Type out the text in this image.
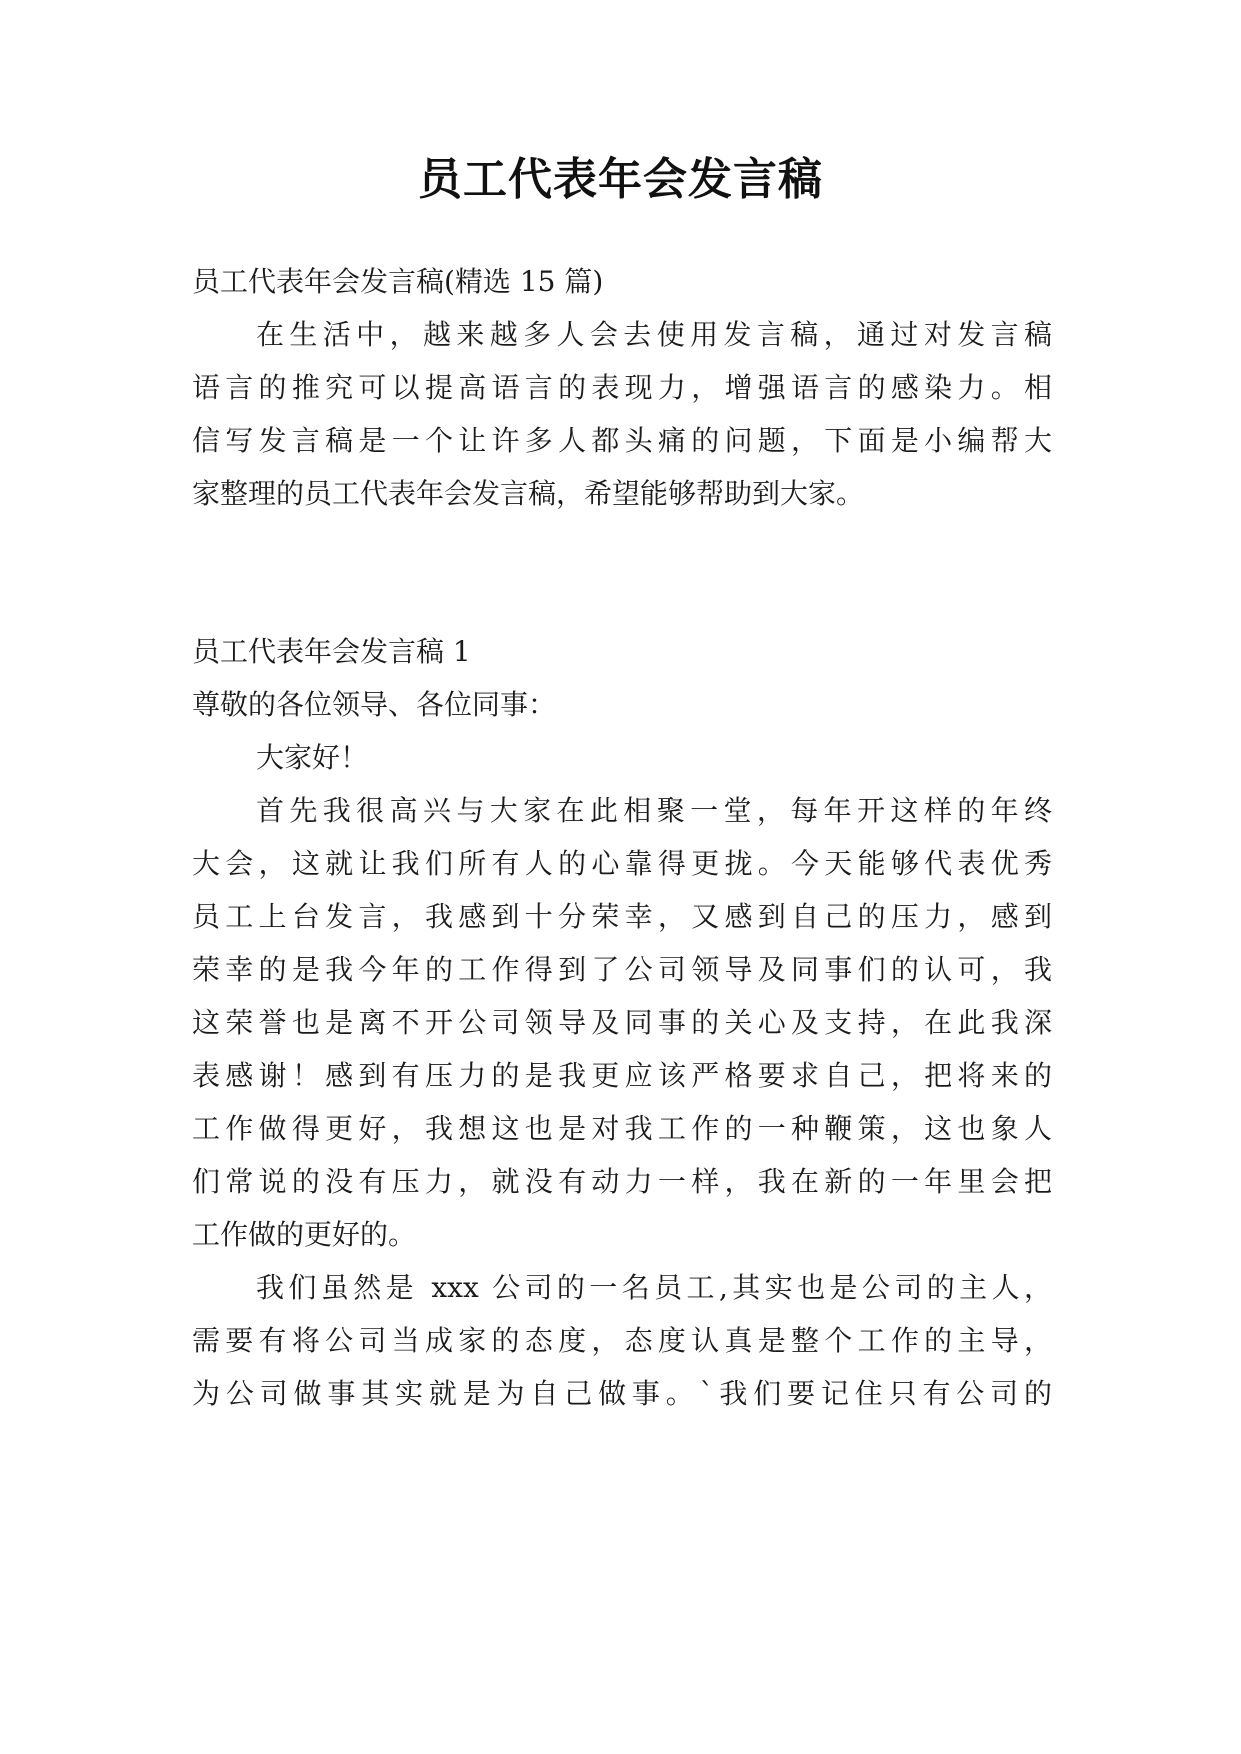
员工代表年会发言稿
员工代表年会发言稿(精选 15 篇)
在生活中，越来越多人会去使用发言稿，通过对发言稿
语言的推究可以提高语言的表现力，增强语言的感染力。相
信写发言稿是一个让许多人都头痛的问题，下面是小编帮大
家整理的员工代表年会发言稿，希望能够帮助到大家。
员工代表年会发言稿 1
尊敬的各位领导、各位同事：
大家好！
首先我很高兴与大家在此相聚一堂，每年开这样的年终
大会，这就让我们所有人的心靠得更拢。今天能够代表优秀
员工上台发言，我感到十分荣幸，又感到自己的压力，感到
荣幸的是我今年的工作得到了公司领导及同事们的认可，我
这荣誉也是离不开公司领导及同事的关心及支持，在此我深
表感谢！感到有压力的是我更应该严格要求自己，把将来的
工作做得更好，我想这也是对我工作的一种鞭策，这也象人
们常说的没有压力，就没有动力一样，我在新的一年里会把
工作做的更好的。
我们虽然是 xxx 公司的一名员工,其实也是公司的主人，
需要有将公司当成家的态度，态度认真是整个工作的主导，
为公司做事其实就是为自己做事。`我们要记住只有公司的
